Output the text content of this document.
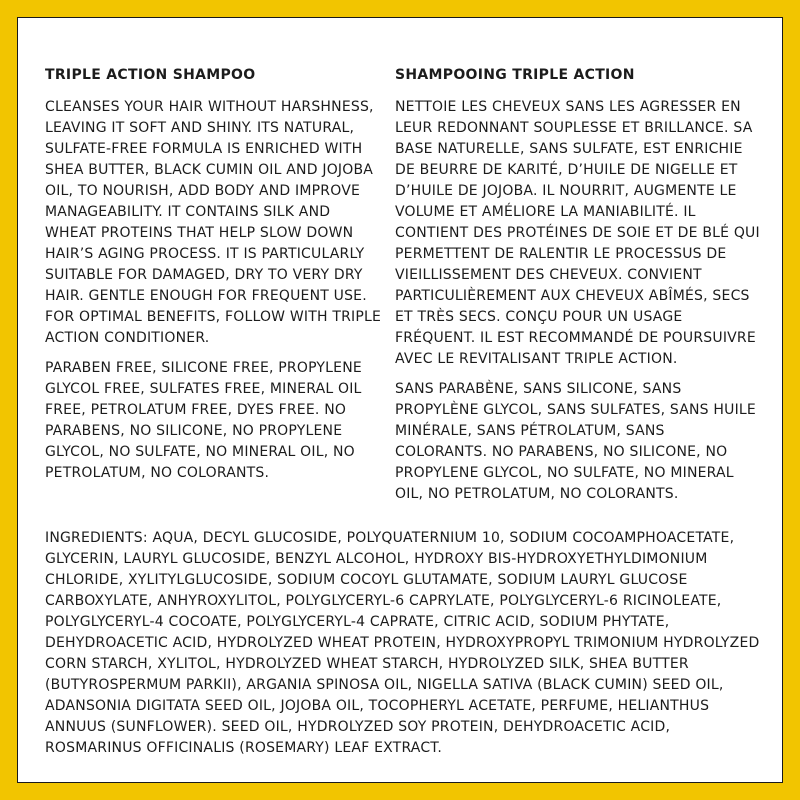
TRIPLE ACTION SHAMPOO

CLEANSES YOUR HAIR WITHOUT HARSHNESS, LEAVING IT SOFT AND SHINY. ITS NATURAL, SULFATE-FREE FORMULA IS ENRICHED WITH SHEA BUTTER, BLACK CUMIN OIL AND JOJOBA OIL, TO NOURISH, ADD BODY AND IMPROVE MANAGEABILITY. IT CONTAINS SILK AND WHEAT PROTEINS THAT HELP SLOW DOWN HAIR’S AGING PROCESS. IT IS PARTICULARLY SUITABLE FOR DAMAGED, DRY TO VERY DRY HAIR. GENTLE ENOUGH FOR FREQUENT USE. FOR OPTIMAL BENEFITS, FOLLOW WITH TRIPLE ACTION CONDITIONER.

PARABEN FREE, SILICONE FREE, PROPYLENE GLYCOL FREE, SULFATES FREE, MINERAL OIL FREE, PETROLATUM FREE, DYES FREE. NO PARABENS, NO SILICONE, NO PROPYLENE GLYCOL, NO SULFATE, NO MINERAL OIL, NO PETROLATUM, NO COLORANTS.

SHAMPOOING TRIPLE ACTION

NETTOIE LES CHEVEUX SANS LES AGRESSER EN LEUR REDONNANT SOUPLESSE ET BRILLANCE. SA BASE NATURELLE, SANS SULFATE, EST ENRICHIE DE BEURRE DE KARITÉ, D’HUILE DE NIGELLE ET D’HUILE DE JOJOBA. IL NOURRIT, AUGMENTE LE VOLUME ET AMÉLIORE LA MANIABILITÉ. IL CONTIENT DES PROTÉINES DE SOIE ET DE BLÉ QUI PERMETTENT DE RALENTIR LE PROCESSUS DE VIEILLISSEMENT DES CHEVEUX. CONVIENT PARTICULIÈREMENT AUX CHEVEUX ABÎMÉS, SECS ET TRÈS SECS. CONÇU POUR UN USAGE FRÉQUENT. IL EST RECOMMANDÉ DE POURSUIVRE AVEC LE REVITALISANT TRIPLE ACTION.

SANS PARABÈNE, SANS SILICONE, SANS PROPYLÈNE GLYCOL, SANS SULFATES, SANS HUILE MINÉRALE, SANS PÉTROLATUM, SANS COLORANTS. NO PARABENS, NO SILICONE, NO PROPYLENE GLYCOL, NO SULFATE, NO MINERAL OIL, NO PETROLATUM, NO COLORANTS.

INGREDIENTS: AQUA, DECYL GLUCOSIDE, POLYQUATERNIUM 10, SODIUM COCOAMPHOACETATE, GLYCERIN, LAURYL GLUCOSIDE, BENZYL ALCOHOL, HYDROXY BIS-HYDROXYETHYLDIMONIUM CHLORIDE, XYLITYLGLUCOSIDE, SODIUM COCOYL GLUTAMATE, SODIUM LAURYL GLUCOSE CARBOXYLATE, ANHYROXYLITOL, POLYGLYCERYL-6 CAPRYLATE, POLYGLYCERYL-6 RICINOLEATE, POLYGLYCERYL-4 COCOATE, POLYGLYCERYL-4 CAPRATE, CITRIC ACID, SODIUM PHYTATE, DEHYDROACETIC ACID, HYDROLYZED WHEAT PROTEIN, HYDROXYPROPYL TRIMONIUM HYDROLYZED CORN STARCH, XYLITOL, HYDROLYZED WHEAT STARCH, HYDROLYZED SILK, SHEA BUTTER (BUTYROSPERMUM PARKII), ARGANIA SPINOSA OIL, NIGELLA SATIVA (BLACK CUMIN) SEED OIL, ADANSONIA DIGITATA SEED OIL, JOJOBA OIL, TOCOPHERYL ACETATE, PERFUME, HELIANTHUS ANNUUS (SUNFLOWER). SEED OIL, HYDROLYZED SOY PROTEIN, DEHYDROACETIC ACID, ROSMARINUS OFFICINALIS (ROSEMARY) LEAF EXTRACT.
